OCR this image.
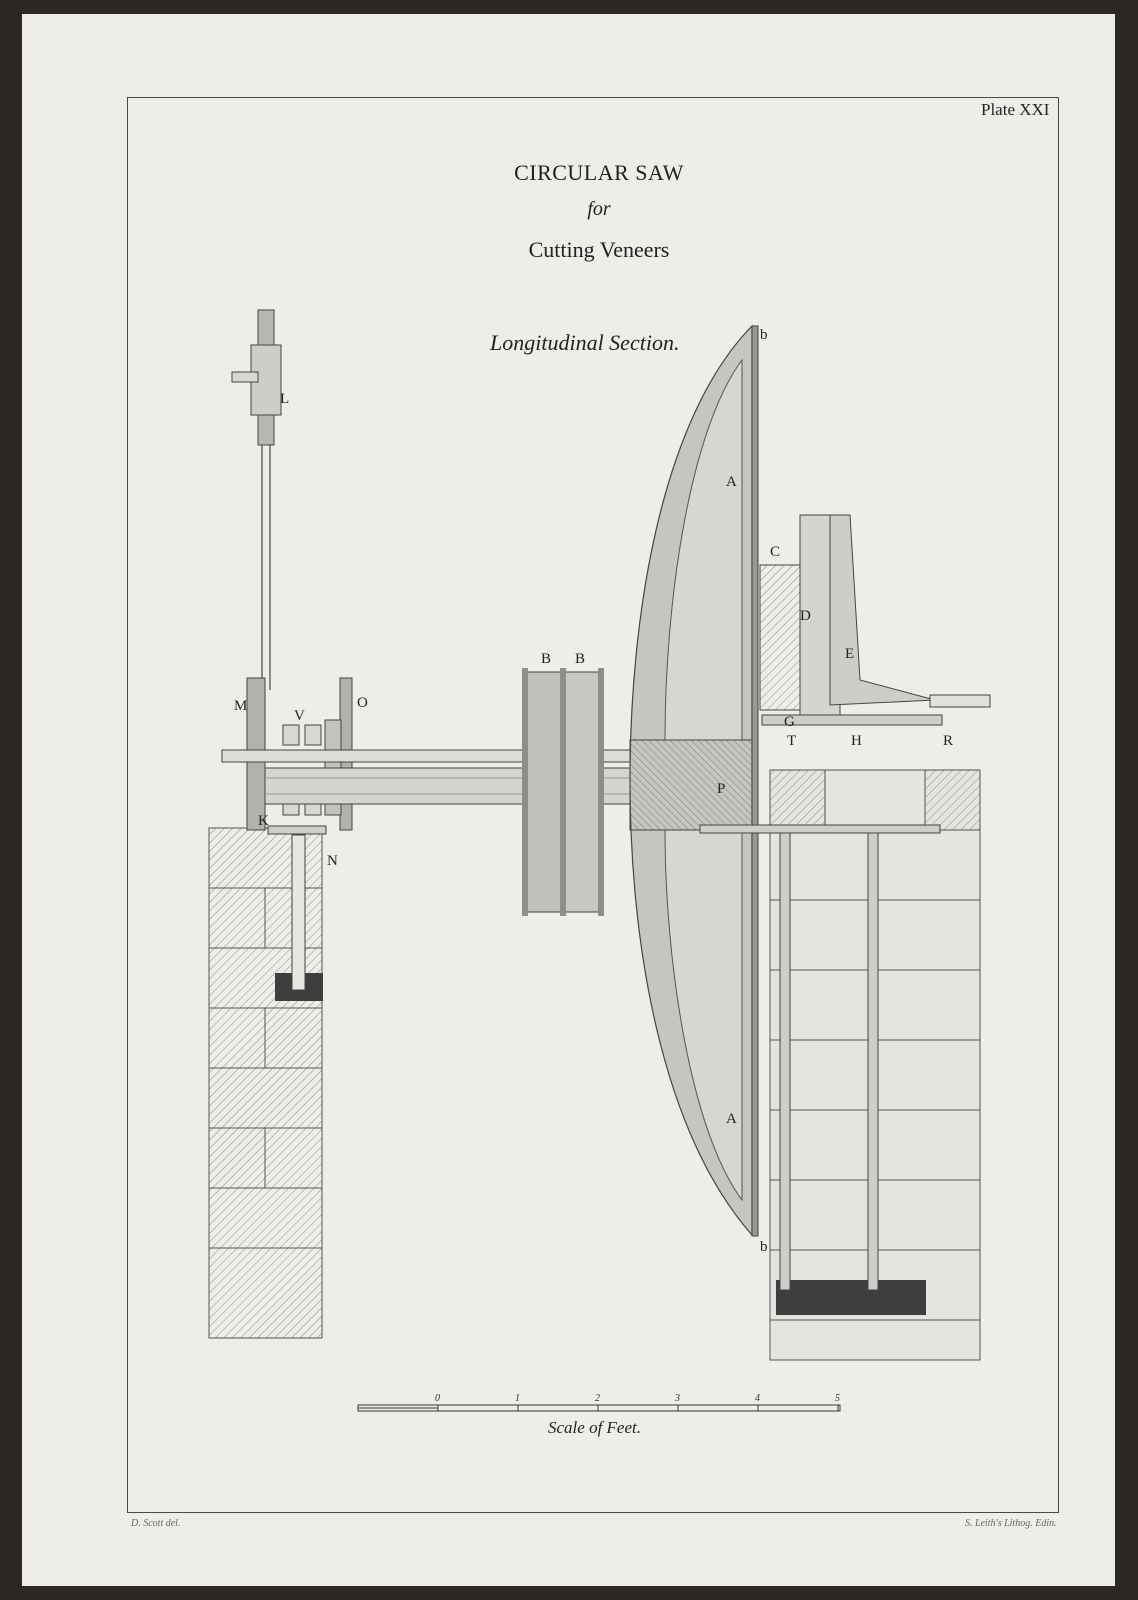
Plate XXI
CIRCULAR SAW
for
Cutting Veneers
Longitudinal Section.
L
M
V
O
K
N
B B
P
A
A
b
b
C
D
E
G
T	H	R
0	1	2	3	4	5
Scale of Feet.
D. Scott del.	S. Leith's Lithog. Edin.
